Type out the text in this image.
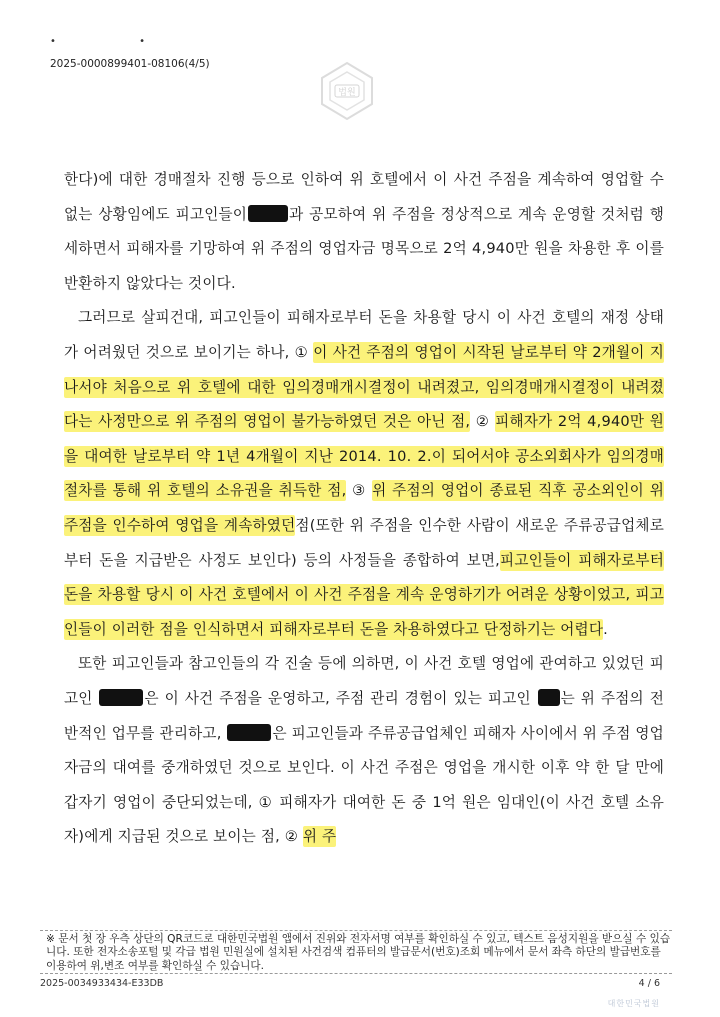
• •
2025-0000899401-08106(4/5)
법원

한다)에 대한 경매절차 진행 등으로 인하여 위 호텔에서 이 사건 주점을 계속하여 영업할 수 없는 상황임에도 피고인들이	과 공모하여 위 주점을 정상적으로 계속 운영할 것처럼 행세하면서 피해자를 기망하여 위 주점의 영업자금 명목으로 2억 4,940만 원을 차용한 후 이를 반환하지 않았다는 것이다.

그러므로 살피건대, 피고인들이 피해자로부터 돈을 차용할 당시 이 사건 호텔의 재정 상태가 어려웠던 것으로 보이기는 하나, ① 이 사건 주점의 영업이 시작된 날로부터 약 2개월이 지나서야 처음으로 위 호텔에 대한 임의경매개시결정이 내려졌고, 임의경매개시결정이 내려졌다는 사정만으로 위 주점의 영업이 불가능하였던 것은 아닌 점, ② 피해자가 2억 4,940만 원을 대여한 날로부터 약 1년 4개월이 지난 2014. 10. 2.이 되어서야 공소외회사가 임의경매절차를 통해 위 호텔의 소유권을 취득한 점, ③ 위 주점의 영업이 종료된 직후 공소외인이 위 주점을 인수하여 영업을 계속하였던점(또한 위 주점을 인수한 사람이 새로운 주류공급업체로부터 돈을 지급받은 사정도 보인다) 등의 사정들을 종합하여 보면,피고인들이 피해자로부터 돈을 차용할 당시 이 사건 호텔에서 이 사건 주점을 계속 운영하기가 어려운 상황이었고, 피고인들이 이러한 점을 인식하면서 피해자로부터 돈을 차용하였다고 단정하기는 어렵다.

또한 피고인들과 참고인들의 각 진술 등에 의하면, 이 사건 호텔 영업에 관여하고 있었던 피고인	은 이 사건 주점을 운영하고, 주점 관리 경험이 있는 피고인 는 위 주점의 전반적인 업무를 관리하고,	은 피고인들과 주류공급업체인 피해자 사이에서 위 주점 영업자금의 대여를 중개하였던 것으로 보인다. 이 사건 주점은 영업을 개시한 이후 약 한 달 만에 갑자기 영업이 중단되었는데, ① 피해자가 대여한 돈 중 1억 원은 임대인(이 사건 호텔 소유자)에게 지급된 것으로 보이는 점, ② 위 주

※ 문서 첫 장 우측 상단의 QR코드로 대한민국법원 앱에서 진위와 전자서명 여부를 확인하실 수 있고, 텍스트 음성지원을 받으실 수 있습니다. 또한 전자소송포털 및 각급 법원 민원실에 설치된 사건검색 컴퓨터의 발급문서(번호)조회 메뉴에서 문서 좌측 하단의 발급번호를 이용하여 위,변조 여부를 확인하실 수 있습니다.
2025-0034933434-E33DB	4 / 6
대한민국법원
